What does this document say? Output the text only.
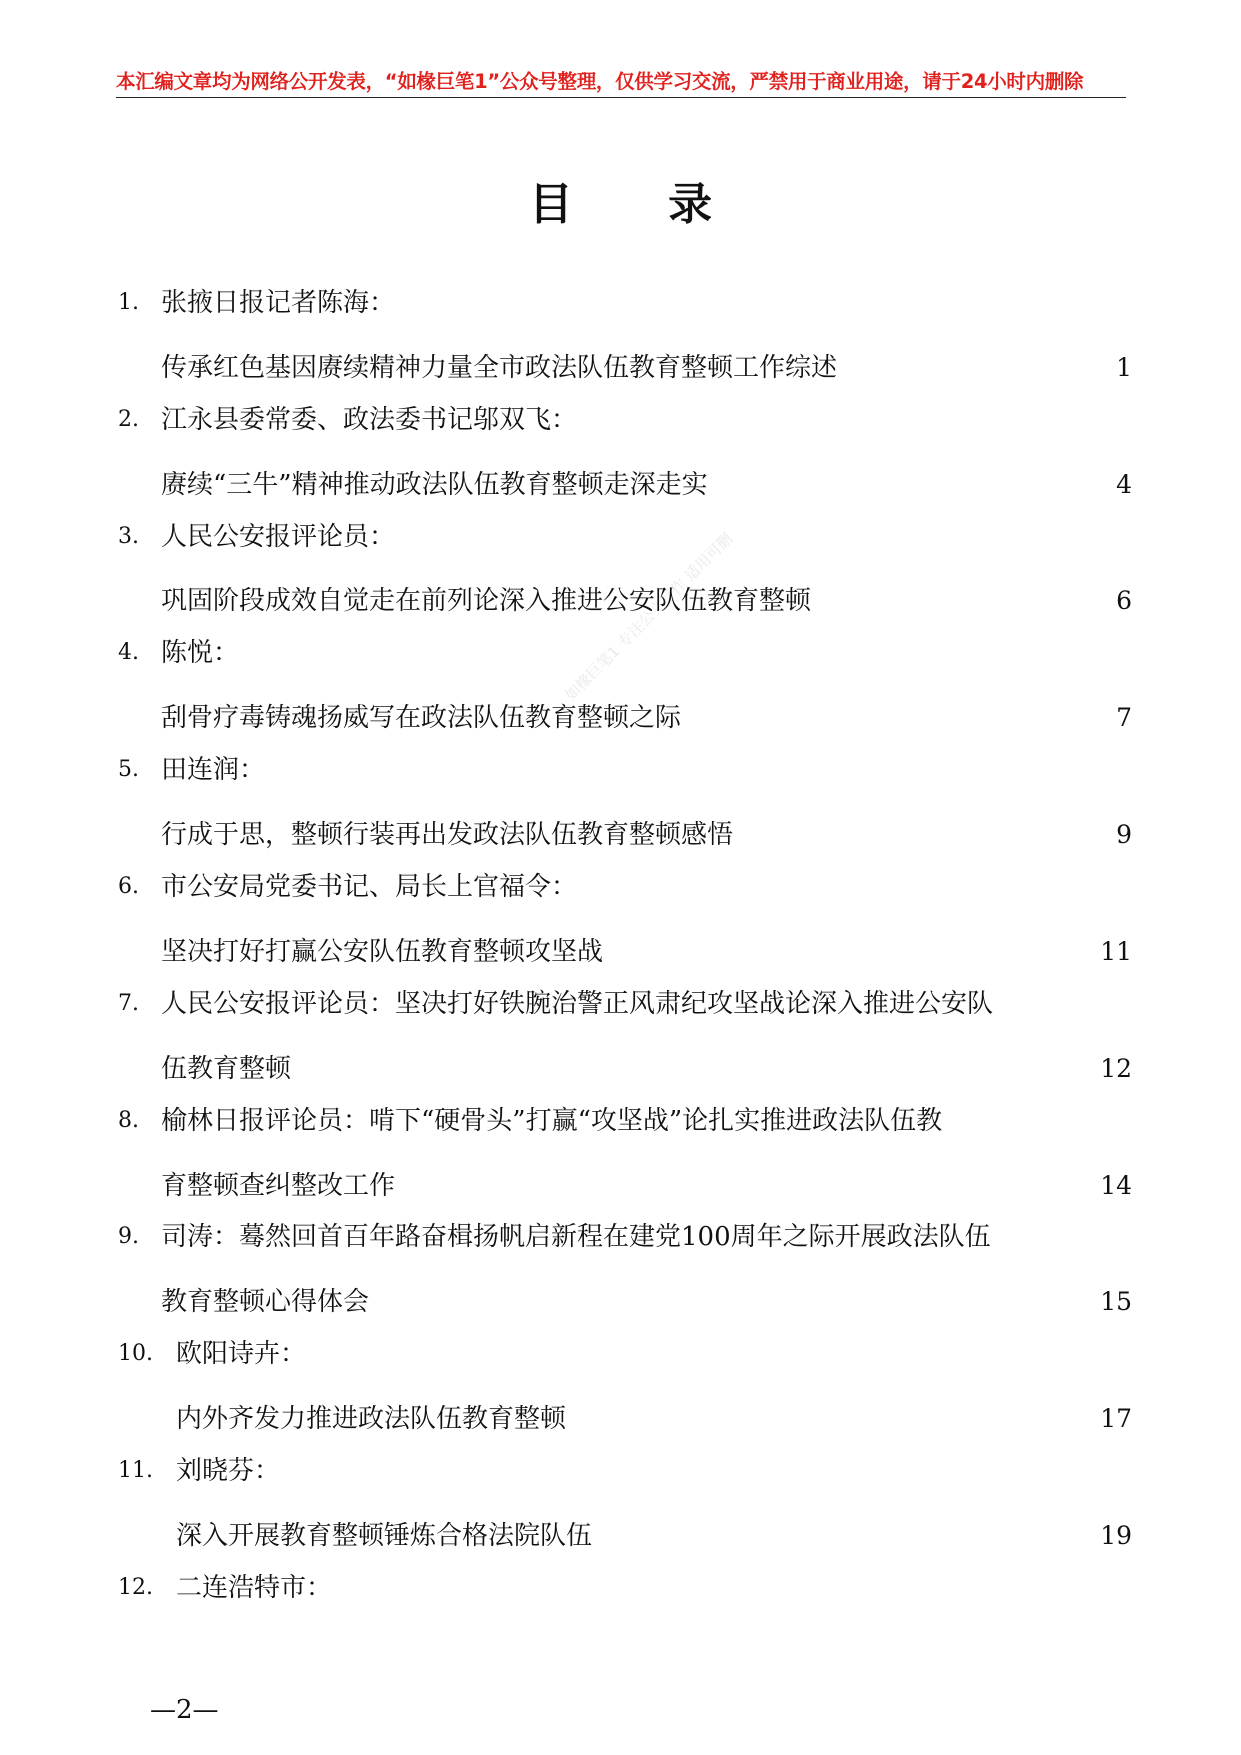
本汇编文章均为网络公开发表，“如椽巨笔1”公众号整理，仅供学习交流，严禁用于商业用途，请于24小时内删除
目 录
如椽巨笔1 专注公文写作 适用可删
1. 张掖日报记者陈海：
传承红色基因赓续精神力量全市政法队伍教育整顿工作综述	1
2. 江永县委常委、政法委书记邬双飞：
赓续“三牛”精神推动政法队伍教育整顿走深走实	4
3. 人民公安报评论员：
巩固阶段成效自觉走在前列论深入推进公安队伍教育整顿	6
4. 陈悦：
刮骨疗毒铸魂扬威写在政法队伍教育整顿之际	7
5. 田连润：
行成于思，整顿行装再出发政法队伍教育整顿感悟	9
6. 市公安局党委书记、局长上官福令：
坚决打好打赢公安队伍教育整顿攻坚战	11
7. 人民公安报评论员：坚决打好铁腕治警正风肃纪攻坚战论深入推进公安队
伍教育整顿	12
8. 榆林日报评论员：啃下“硬骨头”打赢“攻坚战”论扎实推进政法队伍教
育整顿查纠整改工作	14
9. 司涛：蓦然回首百年路奋楫扬帆启新程在建党100周年之际开展政法队伍
教育整顿心得体会	15
10. 欧阳诗卉：
内外齐发力推进政法队伍教育整顿	17
11. 刘晓芬：
深入开展教育整顿锤炼合格法院队伍	19
12. 二连浩特市：
—2—
